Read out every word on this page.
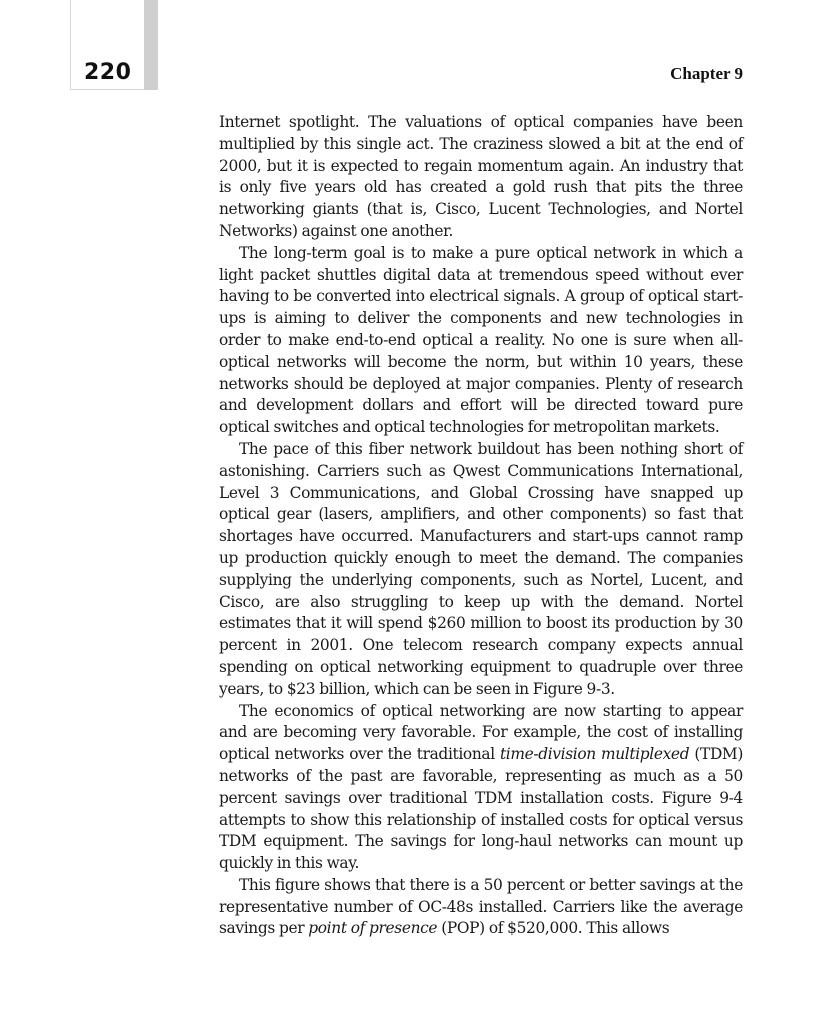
220	Chapter 9

Internet spotlight. The valuations of optical companies have been multiplied by this single act. The craziness slowed a bit at the end of 2000, but it is expected to regain momentum again. An industry that is only five years old has created a gold rush that pits the three networking giants (that is, Cisco, Lucent Technologies, and Nortel Networks) against one another.

The long-term goal is to make a pure optical network in which a light packet shuttles digital data at tremendous speed without ever having to be converted into electrical signals. A group of optical start-ups is aiming to deliver the components and new technologies in order to make end-to-end optical a reality. No one is sure when all-optical networks will become the norm, but within 10 years, these networks should be deployed at major companies. Plenty of research and development dollars and effort will be directed toward pure optical switches and optical technologies for metropolitan markets.

The pace of this fiber network buildout has been nothing short of astonishing. Carriers such as Qwest Communications International, Level 3 Communications, and Global Crossing have snapped up optical gear (lasers, amplifiers, and other components) so fast that shortages have occurred. Manufacturers and start-ups cannot ramp up production quickly enough to meet the demand. The companies supplying the underlying components, such as Nortel, Lucent, and Cisco, are also struggling to keep up with the demand. Nortel estimates that it will spend $260 million to boost its production by 30 percent in 2001. One telecom research company expects annual spending on optical networking equipment to quadruple over three years, to $23 billion, which can be seen in Figure 9-3.

The economics of optical networking are now starting to appear and are becoming very favorable. For example, the cost of installing optical networks over the traditional time-division multiplexed (TDM) networks of the past are favorable, representing as much as a 50 percent savings over traditional TDM installation costs. Figure 9-4 attempts to show this relationship of installed costs for optical versus TDM equipment. The savings for long-haul networks can mount up quickly in this way.

This figure shows that there is a 50 percent or better savings at the representative number of OC-48s installed. Carriers like the average savings per point of presence (POP) of $520,000. This allows
